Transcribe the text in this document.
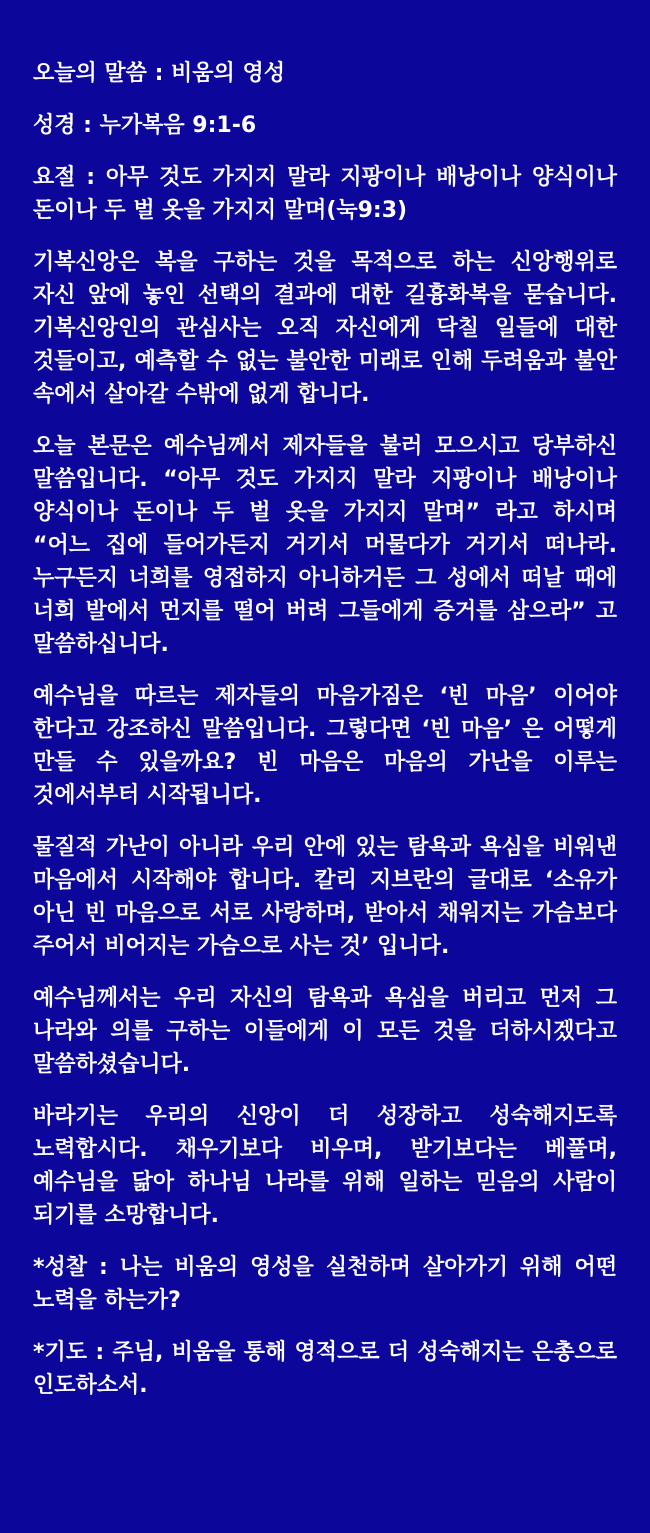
오늘의 말씀 : 비움의 영성

성경 : 누가복음 9:1-6

요절 : 아무 것도 가지지 말라 지팡이나 배낭이나 양식이나 돈이나 두 벌 옷을 가지지 말며(눅9:3)

기복신앙은 복을 구하는 것을 목적으로 하는 신앙행위로 자신 앞에 놓인 선택의 결과에 대한 길흉화복을 묻습니다. 기복신앙인의 관심사는 오직 자신에게 닥칠 일들에 대한 것들이고, 예측할 수 없는 불안한 미래로 인해 두려움과 불안 속에서 살아갈 수밖에 없게 합니다.

오늘 본문은 예수님께서 제자들을 불러 모으시고 당부하신 말씀입니다. “아무 것도 가지지 말라 지팡이나 배낭이나 양식이나 돈이나 두 벌 옷을 가지지 말며” 라고 하시며 “어느 집에 들어가든지 거기서 머물다가 거기서 떠나라. 누구든지 너희를 영접하지 아니하거든 그 성에서 떠날 때에 너희 발에서 먼지를 떨어 버려 그들에게 증거를 삼으라” 고 말씀하십니다.

예수님을 따르는 제자들의 마음가짐은 ‘빈 마음’ 이어야 한다고 강조하신 말씀입니다. 그렇다면 ‘빈 마음’ 은 어떻게 만들 수 있을까요? 빈 마음은 마음의 가난을 이루는 것에서부터 시작됩니다.

물질적 가난이 아니라 우리 안에 있는 탐욕과 욕심을 비워낸 마음에서 시작해야 합니다. 칼리 지브란의 글대로 ‘소유가 아닌 빈 마음으로 서로 사랑하며, 받아서 채워지는 가슴보다 주어서 비어지는 가슴으로 사는 것’ 입니다.

예수님께서는 우리 자신의 탐욕과 욕심을 버리고 먼저 그 나라와 의를 구하는 이들에게 이 모든 것을 더하시겠다고 말씀하셨습니다.

바라기는 우리의 신앙이 더 성장하고 성숙해지도록 노력합시다. 채우기보다 비우며, 받기보다는 베풀며, 예수님을 닮아 하나님 나라를 위해 일하는 믿음의 사람이 되기를 소망합니다.

*성찰 : 나는 비움의 영성을 실천하며 살아가기 위해 어떤 노력을 하는가?

*기도 : 주님, 비움을 통해 영적으로 더 성숙해지는 은총으로 인도하소서.
